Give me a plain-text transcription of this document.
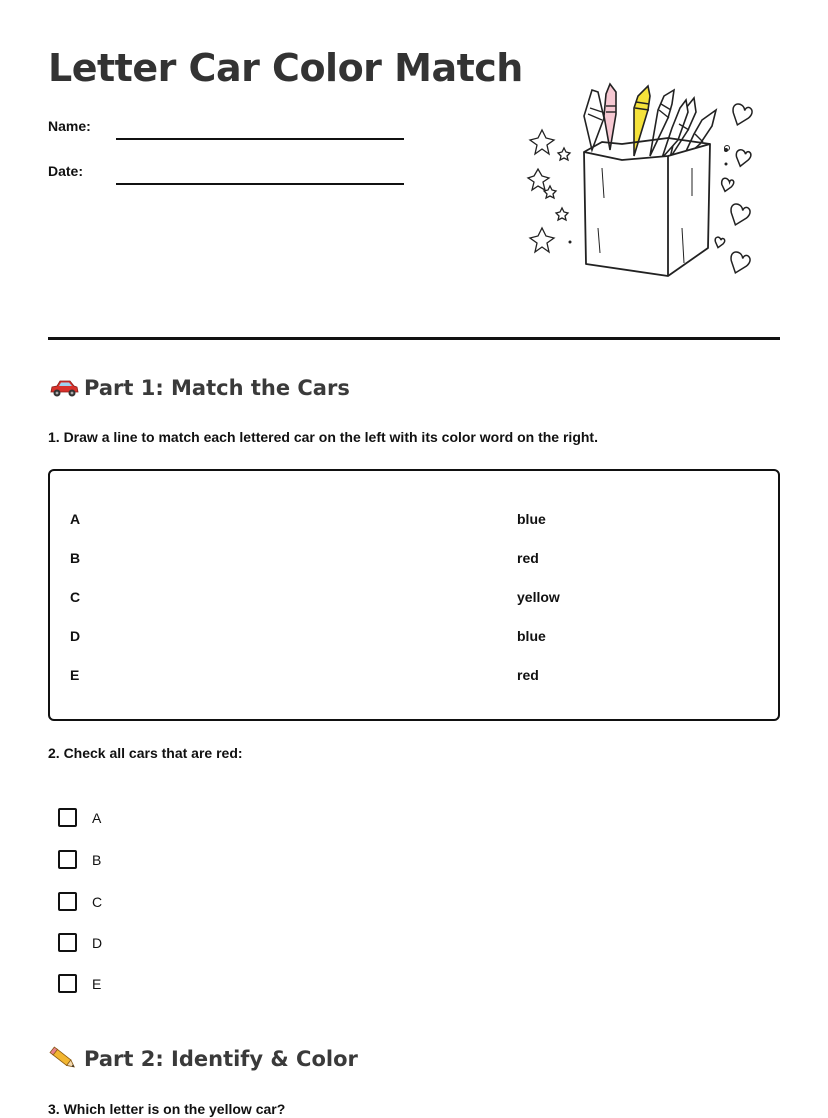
Letter Car Color Match
Name:
Date:
Part 1: Match the Cars
1. Draw a line to match each lettered car on the left with its color word on the right.
A
B
C
D
E
blue
red
yellow
blue
red
2. Check all cars that are red:
A
B
C
D
E
Part 2: Identify & Color
3. Which letter is on the yellow car?
